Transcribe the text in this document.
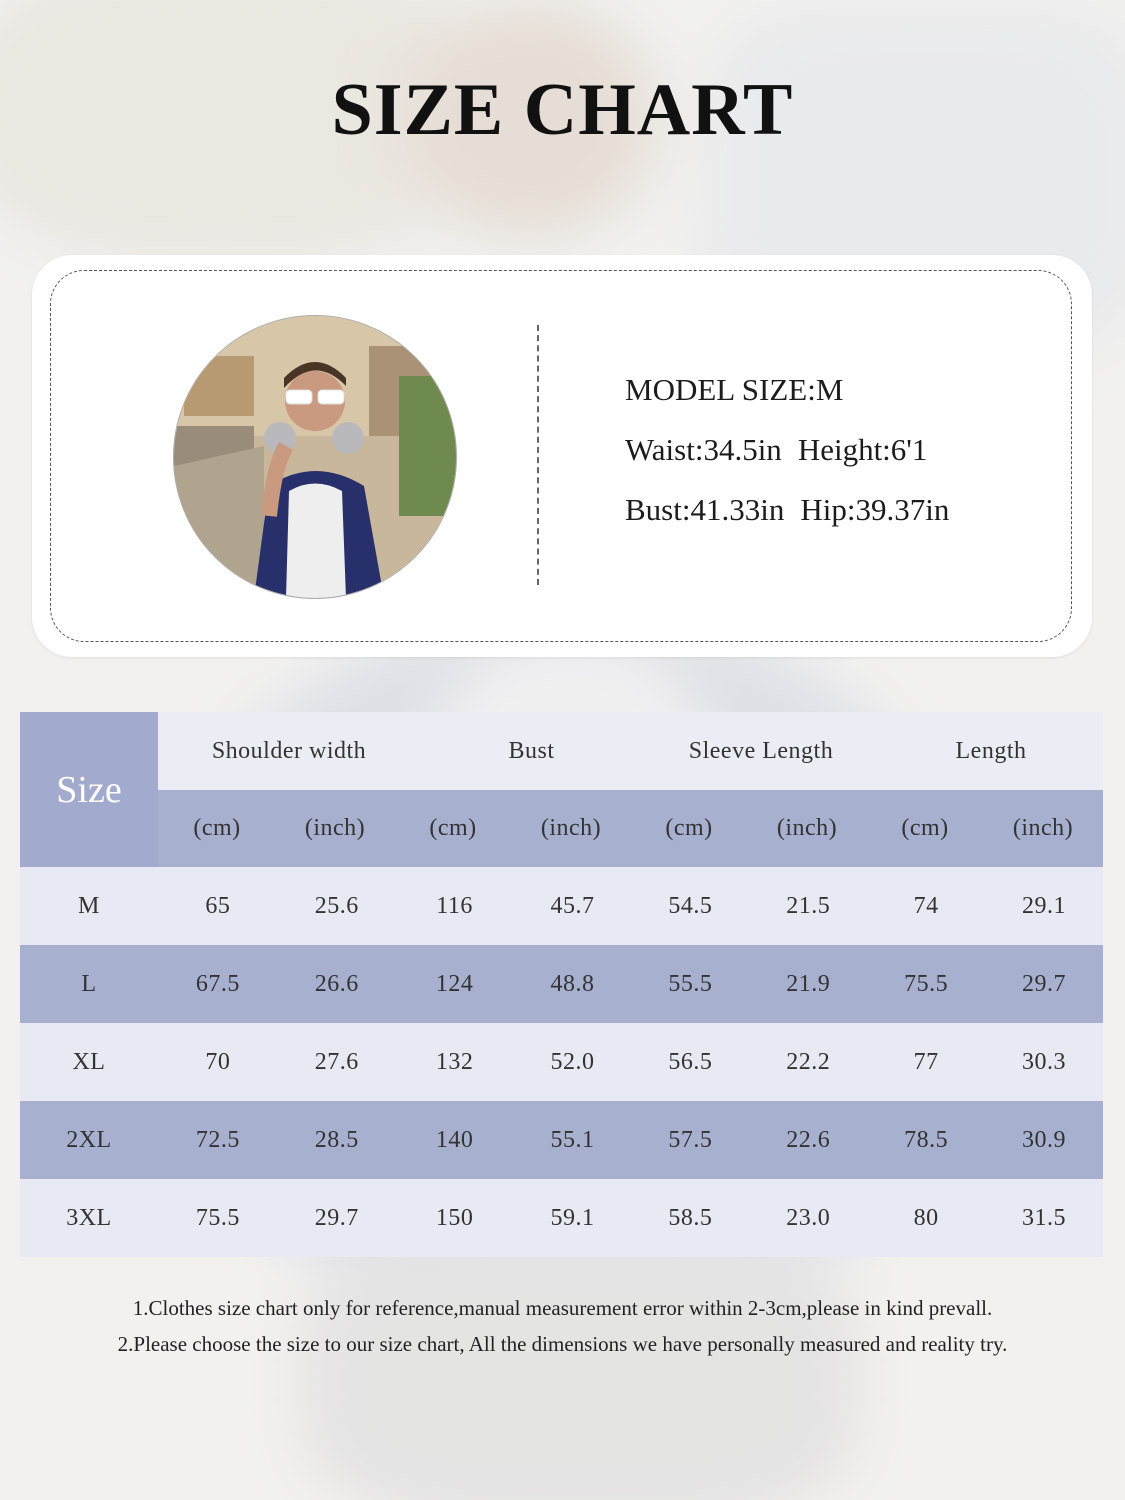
SIZE CHART
MODEL SIZE:M
Waist:34.5in Height:6'1
Bust:41.33in Hip:39.37in
Size
Shoulder width	Bust	Sleeve Length	Length
(cm)	(inch)	(cm)	(inch)	(cm)	(inch)	(cm)	(inch)
M	65	25.6	116	45.7	54.5	21.5	74	29.1
L	67.5	26.6	124	48.8	55.5	21.9	75.5	29.7
XL	70	27.6	132	52.0	56.5	22.2	77	30.3
2XL	72.5	28.5	140	55.1	57.5	22.6	78.5	30.9
3XL	75.5	29.7	150	59.1	58.5	23.0	80	31.5
1.Clothes size chart only for reference,manual measurement error within 2-3cm,please in kind prevall.
2.Please choose the size to our size chart, All the dimensions we have personally measured and reality try.
